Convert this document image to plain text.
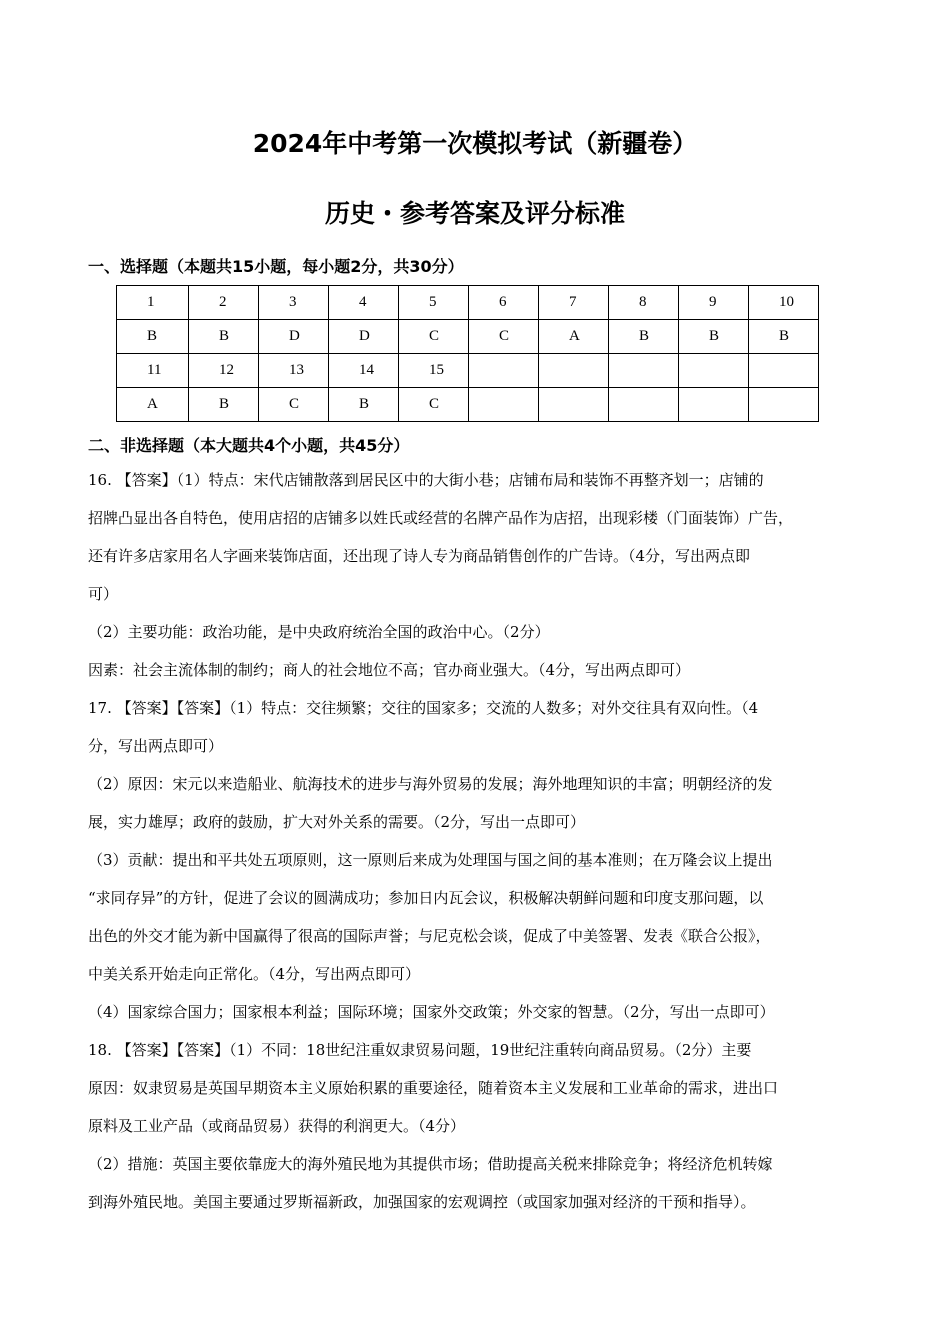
2024年中考第一次模拟考试（新疆卷）
历史・参考答案及评分标准
一、选择题（本题共15小题，每小题2分，共30分）
1	2	3	4	5	6	7	8	9	10
B	B	D	D	C	C	A	B	B	B
11	12	13	14	15					
A	B	C	B	C					
二、非选择题（本大题共4个小题，共45分）

16. 【答案】（1）特点：宋代店铺散落到居民区中的大街小巷；店铺布局和装饰不再整齐划一；店铺的

招牌凸显出各自特色，使用店招的店铺多以姓氏或经营的名牌产品作为店招，出现彩楼（门面装饰）广告，

还有许多店家用名人字画来装饰店面，还出现了诗人专为商品销售创作的广告诗。（4分，写出两点即

可）

（2）主要功能：政治功能，是中央政府统治全国的政治中心。（2分）

因素：社会主流体制的制约；商人的社会地位不高；官办商业强大。（4分，写出两点即可）

17. 【答案】【答案】（1）特点：交往频繁；交往的国家多；交流的人数多；对外交往具有双向性。（4

分，写出两点即可）

（2）原因：宋元以来造船业、航海技术的进步与海外贸易的发展；海外地理知识的丰富；明朝经济的发

展，实力雄厚；政府的鼓励，扩大对外关系的需要。（2分，写出一点即可）

（3）贡献：提出和平共处五项原则，这一原则后来成为处理国与国之间的基本准则；在万隆会议上提出

“求同存异”的方针，促进了会议的圆满成功；参加日内瓦会议，积极解决朝鲜问题和印度支那问题，以

出色的外交才能为新中国赢得了很高的国际声誉；与尼克松会谈，促成了中美签署、发表《联合公报》，

中美关系开始走向正常化。（4分，写出两点即可）

（4）国家综合国力；国家根本利益；国际环境；国家外交政策；外交家的智慧。（2分，写出一点即可）

18. 【答案】【答案】（1）不同：18世纪注重奴隶贸易问题，19世纪注重转向商品贸易。（2分）主要

原因：奴隶贸易是英国早期资本主义原始积累的重要途径，随着资本主义发展和工业革命的需求，进出口

原料及工业产品（或商品贸易）获得的利润更大。（4分）

（2）措施：英国主要依靠庞大的海外殖民地为其提供市场；借助提高关税来排除竞争；将经济危机转嫁

到海外殖民地。美国主要通过罗斯福新政，加强国家的宏观调控（或国家加强对经济的干预和指导）。
